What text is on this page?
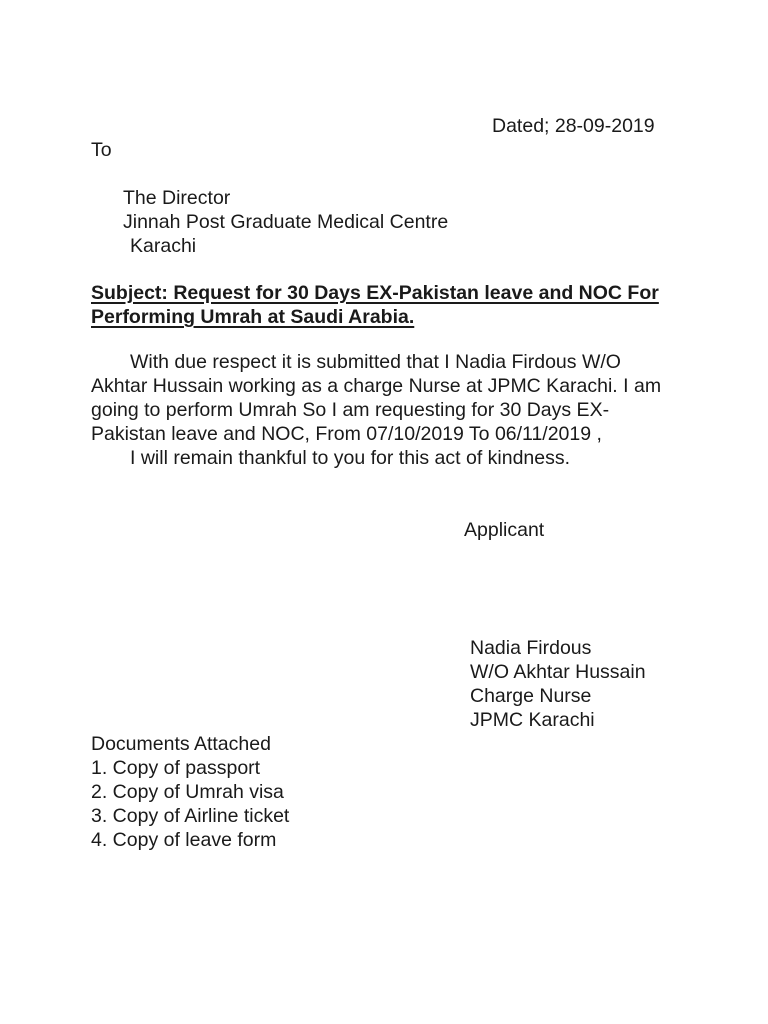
Dated; 28-09-2019
To
The Director
Jinnah Post Graduate Medical Centre
Karachi
Subject: Request for 30 Days EX-Pakistan leave and NOC For
Performing Umrah at Saudi Arabia.
With due respect it is submitted that I Nadia Firdous W/O
Akhtar Hussain working as a charge Nurse at JPMC Karachi. I am
going to perform Umrah So I am requesting for 30 Days EX-
Pakistan leave and NOC, From 07/10/2019 To 06/11/2019 ,
I will remain thankful to you for this act of kindness.
Applicant
Nadia Firdous
W/O Akhtar Hussain
Charge Nurse
JPMC Karachi
Documents Attached
1. Copy of passport
2. Copy of Umrah visa
3. Copy of Airline ticket
4. Copy of leave form
